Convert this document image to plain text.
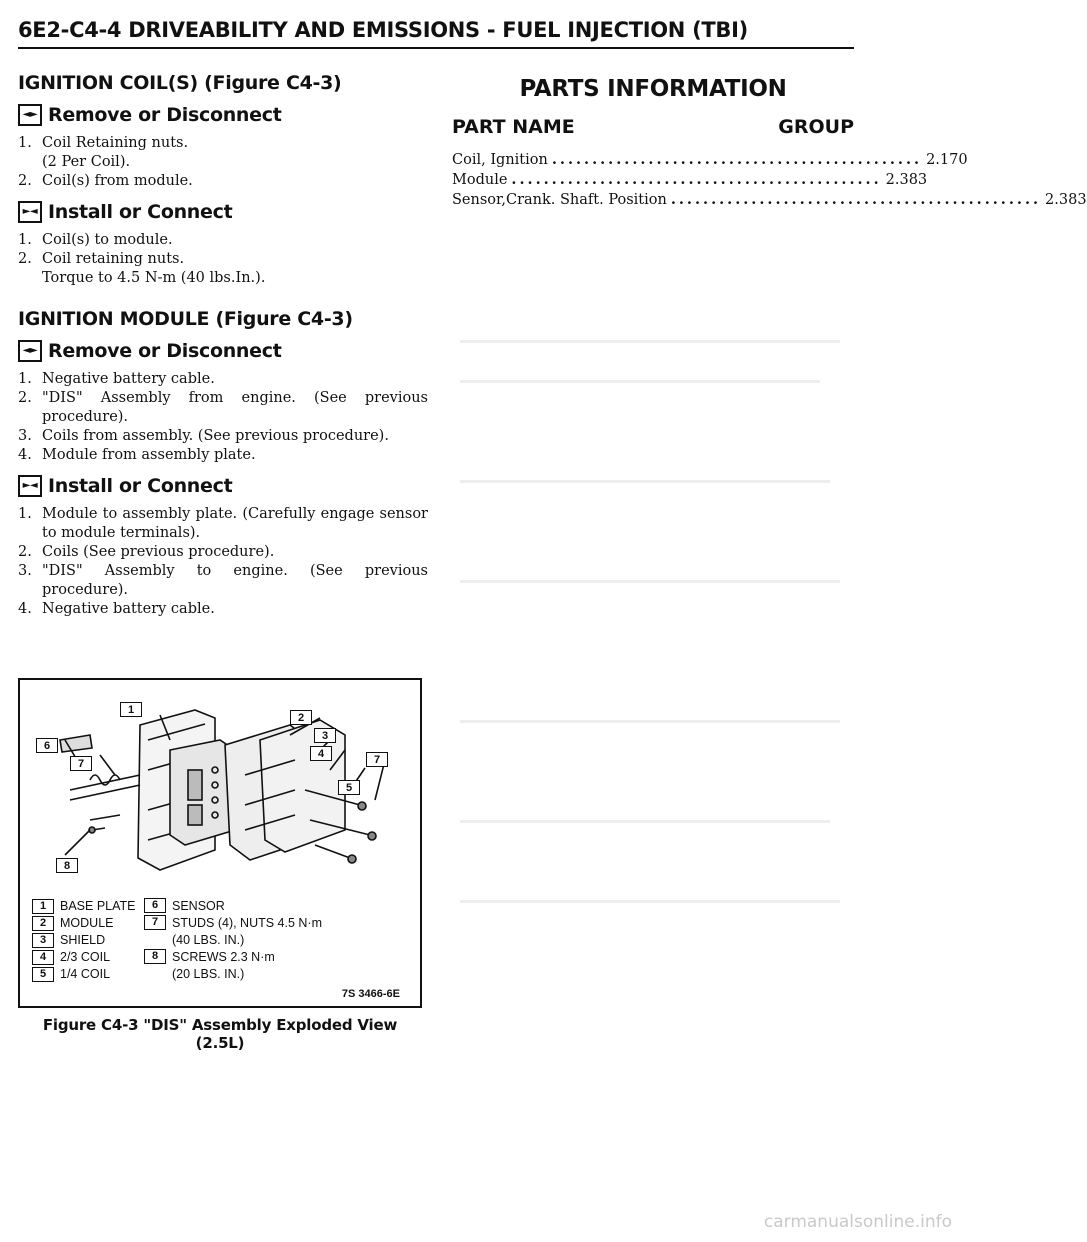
6E2-C4-4 DRIVEABILITY AND EMISSIONS - FUEL INJECTION (TBI)
IGNITION COIL(S) (Figure C4-3)
◄► Remove or Disconnect
1. Coil Retaining nuts.
(2 Per Coil).
2. Coil(s) from module.
►◄ Install or Connect
1. Coil(s) to module.
2. Coil retaining nuts.
Torque to 4.5 N-m (40 lbs.In.).
IGNITION MODULE (Figure C4-3)
◄► Remove or Disconnect
1. Negative battery cable.
2. "DIS" Assembly from engine. (See previous procedure).
3. Coils from assembly. (See previous procedure).
4. Module from assembly plate.
►◄ Install or Connect
1. Module to assembly plate. (Carefully engage sensor to module terminals).
2. Coils (See previous procedure).
3. "DIS" Assembly to engine. (See previous procedure).
4. Negative battery cable.
PARTS INFORMATION
PART NAME	GROUP
Coil, Ignition .............................................. 2.170
Module .............................................. 2.383
Sensor,Crank. Shaft. Position .............................................. 2.383
1
2
3
4
5
6
7	7
8
1	BASE PLATE	6	SENSOR
2	MODULE	7	STUDS (4), NUTS 4.5 N·m
3	SHIELD	(40 LBS. IN.)
4	2/3 COIL	8	SCREWS 2.3 N·m
5	1/4 COIL	(20 LBS. IN.)
7S 3466-6E
Figure C4-3 "DIS" Assembly Exploded View (2.5L)
carmanualsonline.info
